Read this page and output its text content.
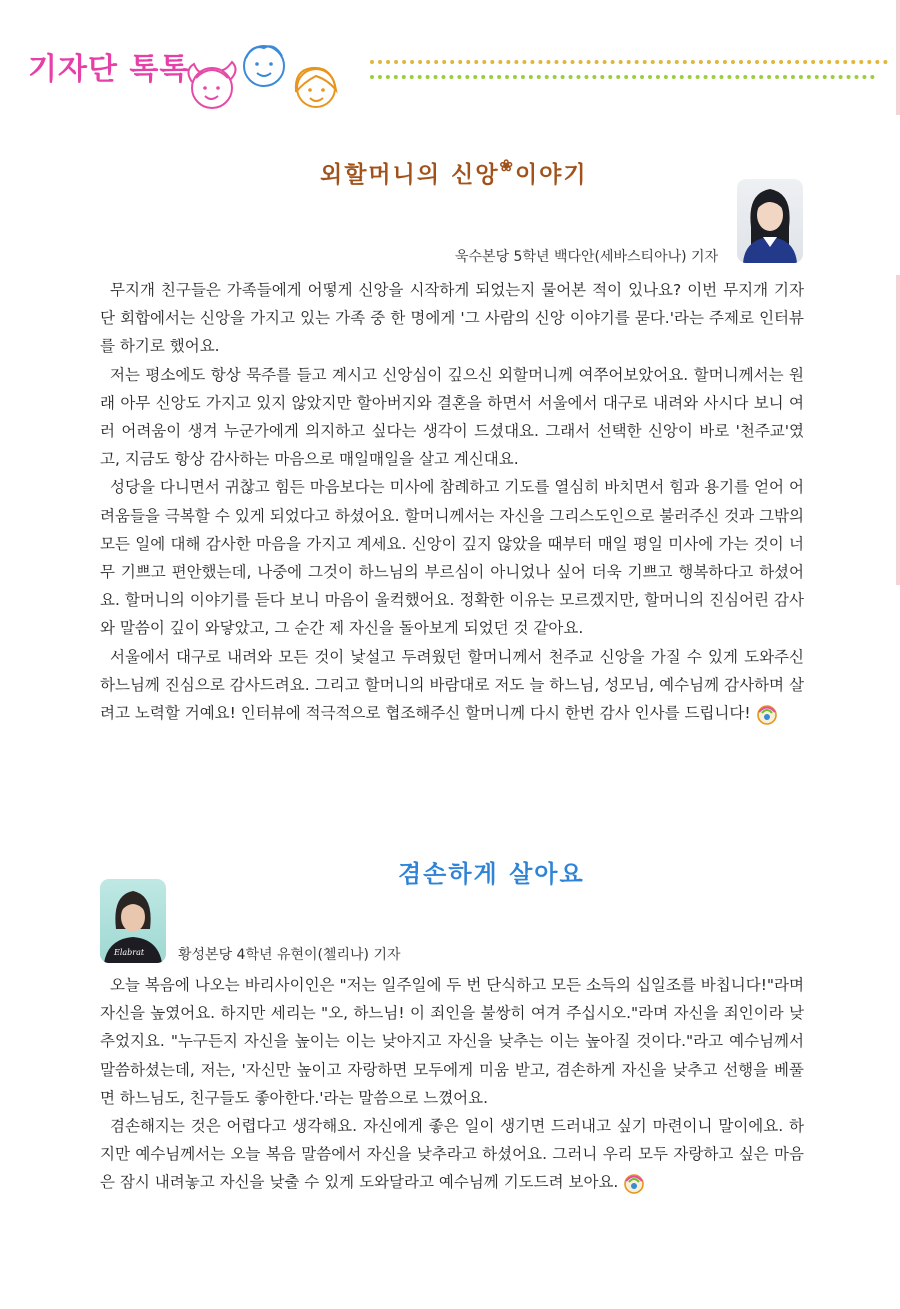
기자단 톡톡
외할머니의 신앙❀이야기
욱수본당 5학년 백다안(세바스티아나) 기자

무지개 친구들은 가족들에게 어떻게 신앙을 시작하게 되었는지 물어본 적이 있나요? 이번 무지개 기자단 회합에서는 신앙을 가지고 있는 가족 중 한 명에게 '그 사람의 신앙 이야기를 묻다.'라는 주제로 인터뷰를 하기로 했어요.

저는 평소에도 항상 묵주를 들고 계시고 신앙심이 깊으신 외할머니께 여쭈어보았어요. 할머니께서는 원래 아무 신앙도 가지고 있지 않았지만 할아버지와 결혼을 하면서 서울에서 대구로 내려와 사시다 보니 여러 어려움이 생겨 누군가에게 의지하고 싶다는 생각이 드셨대요. 그래서 선택한 신앙이 바로 '천주교'였고, 지금도 항상 감사하는 마음으로 매일매일을 살고 계신대요.

성당을 다니면서 귀찮고 힘든 마음보다는 미사에 참례하고 기도를 열심히 바치면서 힘과 용기를 얻어 어려움들을 극복할 수 있게 되었다고 하셨어요. 할머니께서는 자신을 그리스도인으로 불러주신 것과 그밖의 모든 일에 대해 감사한 마음을 가지고 계세요. 신앙이 깊지 않았을 때부터 매일 평일 미사에 가는 것이 너무 기쁘고 편안했는데, 나중에 그것이 하느님의 부르심이 아니었나 싶어 더욱 기쁘고 행복하다고 하셨어요. 할머니의 이야기를 듣다 보니 마음이 울컥했어요. 정확한 이유는 모르겠지만, 할머니의 진심어린 감사와 말씀이 깊이 와닿았고, 그 순간 제 자신을 돌아보게 되었던 것 같아요.

서울에서 대구로 내려와 모든 것이 낯설고 두려웠던 할머니께서 천주교 신앙을 가질 수 있게 도와주신 하느님께 진심으로 감사드려요. 그리고 할머니의 바람대로 저도 늘 하느님, 성모님, 예수님께 감사하며 살려고 노력할 거예요! 인터뷰에 적극적으로 협조해주신 할머니께 다시 한번 감사 인사를 드립니다!

겸손하게 살아요
Elabrat 황성본당 4학년 유현이(첼리나) 기자

오늘 복음에 나오는 바리사이인은 "저는 일주일에 두 번 단식하고 모든 소득의 십일조를 바칩니다!"라며 자신을 높였어요. 하지만 세리는 "오, 하느님! 이 죄인을 불쌍히 여겨 주십시오."라며 자신을 죄인이라 낮추었지요. "누구든지 자신을 높이는 이는 낮아지고 자신을 낮추는 이는 높아질 것이다."라고 예수님께서 말씀하셨는데, 저는, '자신만 높이고 자랑하면 모두에게 미움 받고, 겸손하게 자신을 낮추고 선행을 베풀면 하느님도, 친구들도 좋아한다.'라는 말씀으로 느꼈어요.

겸손해지는 것은 어렵다고 생각해요. 자신에게 좋은 일이 생기면 드러내고 싶기 마련이니 말이에요. 하지만 예수님께서는 오늘 복음 말씀에서 자신을 낮추라고 하셨어요. 그러니 우리 모두 자랑하고 싶은 마음은 잠시 내려놓고 자신을 낮출 수 있게 도와달라고 예수님께 기도드려 보아요.
